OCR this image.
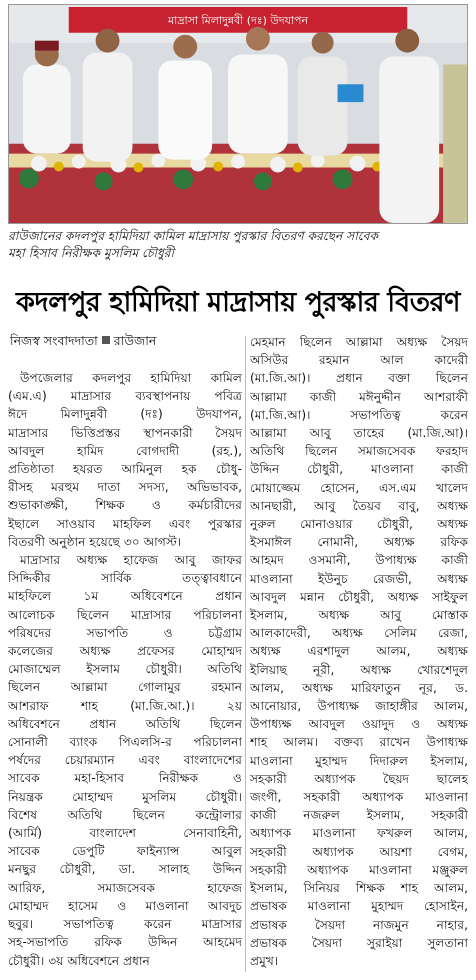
মাদ্রাসা মিলাদুন্নবী (দঃ) উদযাপন
রাউজানের কদলপুর হামিদিয়া কামিল মাদ্রাসায় পুরস্কার বিতরণ করছেন সাবেক
মহা হিসাব নিরীক্ষক মুসলিম চৌধুরী
কদলপুর হামিদিয়া মাদ্রাসায় পুরস্কার বিতরণ
নিজস্ব সংবাদদাতা রাউজান
উপজেলার কদলপুর হামিদিয়া কামিল
(এম.এ) মাদ্রাসার ব্যবস্থাপনায় পবিত্র
ঈদে মিলাদুন্নবী (দঃ) উদযাপন,
মাদ্রাসার ভিত্তিপ্রস্তর স্থাপনকারী সৈয়দ
আবদুল হামিদ বোগদাদী (রহ.),
প্রতিষ্ঠাতা হযরত আমিনুল হক চৌধু-
রীসহ মরহুম দাতা সদস্য, অভিভাবক,
শুভাকাঙ্ক্ষী, শিক্ষক ও কর্মচারীদের
ইছালে সাওয়াব মাহফিল এবং পুরস্কার
বিতরণী অনুষ্ঠান হয়েছে ৩০ আগস্ট।
মাদ্রাসার অধ্যক্ষ হাফেজ আবু জাফর
সিদ্দিকীর সার্বিক তত্ত্বাবধানে
মাহফিলে ১ম অধিবেশনে প্রধান
আলোচক ছিলেন মাদ্রাসার পরিচালনা
পরিষদের সভাপতি ও চট্টগ্রাম
কলেজের অধ্যক্ষ প্রফেসর মোহাম্মদ
মোজাম্মেল ইসলাম চৌধুরী। অতিথি
ছিলেন আল্লামা গোলামুর রহমান
আশরাফ শাহ (মা.জি.আ.)। ২য়
অধিবেশনে প্রধান অতিথি ছিলেন
সোনালী ব্যাংক পিএলসি-র পরিচালনা
পর্ষদের চেয়ারম্যান এবং বাংলাদেশের
সাবেক মহা-হিসাব নিরীক্ষক ও
নিয়ন্ত্রক মোহাম্মদ মুসলিম চৌধুরী।
বিশেষ অতিথি ছিলেন কন্ট্রোলার
(আর্মি) বাংলাদেশ সেনাবাহিনী,
সাবেক ডেপুটি ফাইন্যান্স আবুল
মনছুর চৌধুরী, ডা. সালাহ উদ্দিন
আরিফ, সমাজসেবক হাফেজ
মোহাম্মদ হাসেম ও মাওলানা আবদুচ
ছবুর। সভাপতিত্ব করেন মাদ্রাসার
সহ-সভাপতি রফিক উদ্দিন আহমেদ
চৌধুরী। ৩য় অধিবেশনে প্রধান
মেহমান ছিলেন আল্লামা অধ্যক্ষ সৈয়দ
অসিউর রহমান আল কাদেরী
(মা.জি.আ)। প্রধান বক্তা ছিলেন
আল্লামা কাজী মঈনুদ্দীন আশরাফী
(মা.জি.আ)। সভাপতিত্ব করেন
আল্লামা আবু তাহের (মা.জি.আ)।
অতিথি ছিলেন সমাজসেবক ফরহাদ
উদ্দিন চৌধুরী, মাওলানা কাজী
মোয়াজ্জেম হোসেন, এস.এম খালেদ
আনছারী, আবু তৈয়ব বাবু, অধ্যক্ষ
নুরুল মোনাওয়ার চৌধুরী, অধ্যক্ষ
ইসমাঈল নোমানী, অধ্যক্ষ রফিক
আহমদ ওসমানী, উপাধ্যক্ষ কাজী
মাওলানা ইউনুচ রেজভী, অধ্যক্ষ
আবদুল মন্নান চৌধুরী, অধ্যক্ষ সাইফুল
ইসলাম, অধ্যক্ষ আবু মোস্তাক
আলকাদেরী, অধ্যক্ষ সেলিম রেজা,
অধ্যক্ষ এরশাদুল আলম, অধ্যক্ষ
ইলিয়াছ নূরী, অধ্যক্ষ খোরশেদুল
আলম, অধ্যক্ষ মারিফাতুন নূর, ড.
আনোয়ার, উপাধ্যক্ষ জাহাঙ্গীর আলম,
উপাধ্যক্ষ আবদুল ওয়াদুদ ও অধ্যক্ষ
শাহ আলম। বক্তব্য রাখেন উপাধ্যক্ষ
মাওলানা মুহাম্মদ দিদারুল ইসলাম,
সহকারী অধ্যাপক ছৈয়দ ছালেহ
জংগী, সহকারী অধ্যাপক মাওলানা
কাজী নজরুল ইসলাম, সহকারী
অধ্যাপক মাওলানা ফখরুল আলম,
সহকারী অধ্যাপক আয়শা বেগম,
সহকারী অধ্যাপক মাওলানা মঞ্জুরুল
ইসলাম, সিনিয়র শিক্ষক শাহ আলম,
প্রভাষক মাওলানা মুহাম্মদ হোসাইন,
প্রভাষক সৈয়দা নাজমুন নাহার,
প্রভাষক সৈয়দা সুরাইয়া সুলতানা
প্রমুখ।
